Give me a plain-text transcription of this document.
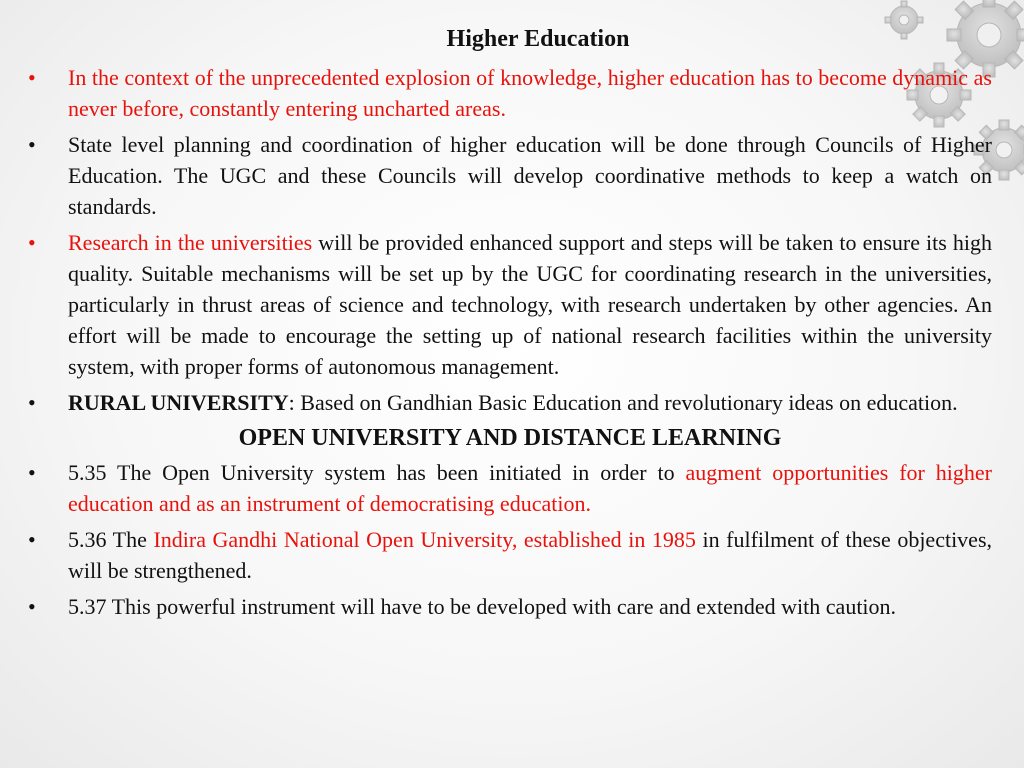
Higher Education
•	In the context of the unprecedented explosion of knowledge, higher education has to become dynamic as never before, constantly entering uncharted areas.
•	State level planning and coordination of higher education will be done through Councils of Higher Education. The UGC and these Councils will develop coordinative methods to keep a watch on standards.
•	Research in the universities will be provided enhanced support and steps will be taken to ensure its high quality. Suitable mechanisms will be set up by the UGC for coordinating research in the universities, particularly in thrust areas of science and technology, with research undertaken by other agencies. An effort will be made to encourage the setting up of national research facilities within the university system, with proper forms of autonomous management.
•	RURAL UNIVERSITY: Based on Gandhian Basic Education and revolutionary ideas on education.
OPEN UNIVERSITY AND DISTANCE LEARNING
•	5.35 The Open University system has been initiated in order to augment opportunities for higher education and as an instrument of democratising education.
•	5.36 The Indira Gandhi National Open University, established in 1985 in fulfilment of these objectives, will be strengthened.
•	5.37 This powerful instrument will have to be developed with care and extended with caution.
